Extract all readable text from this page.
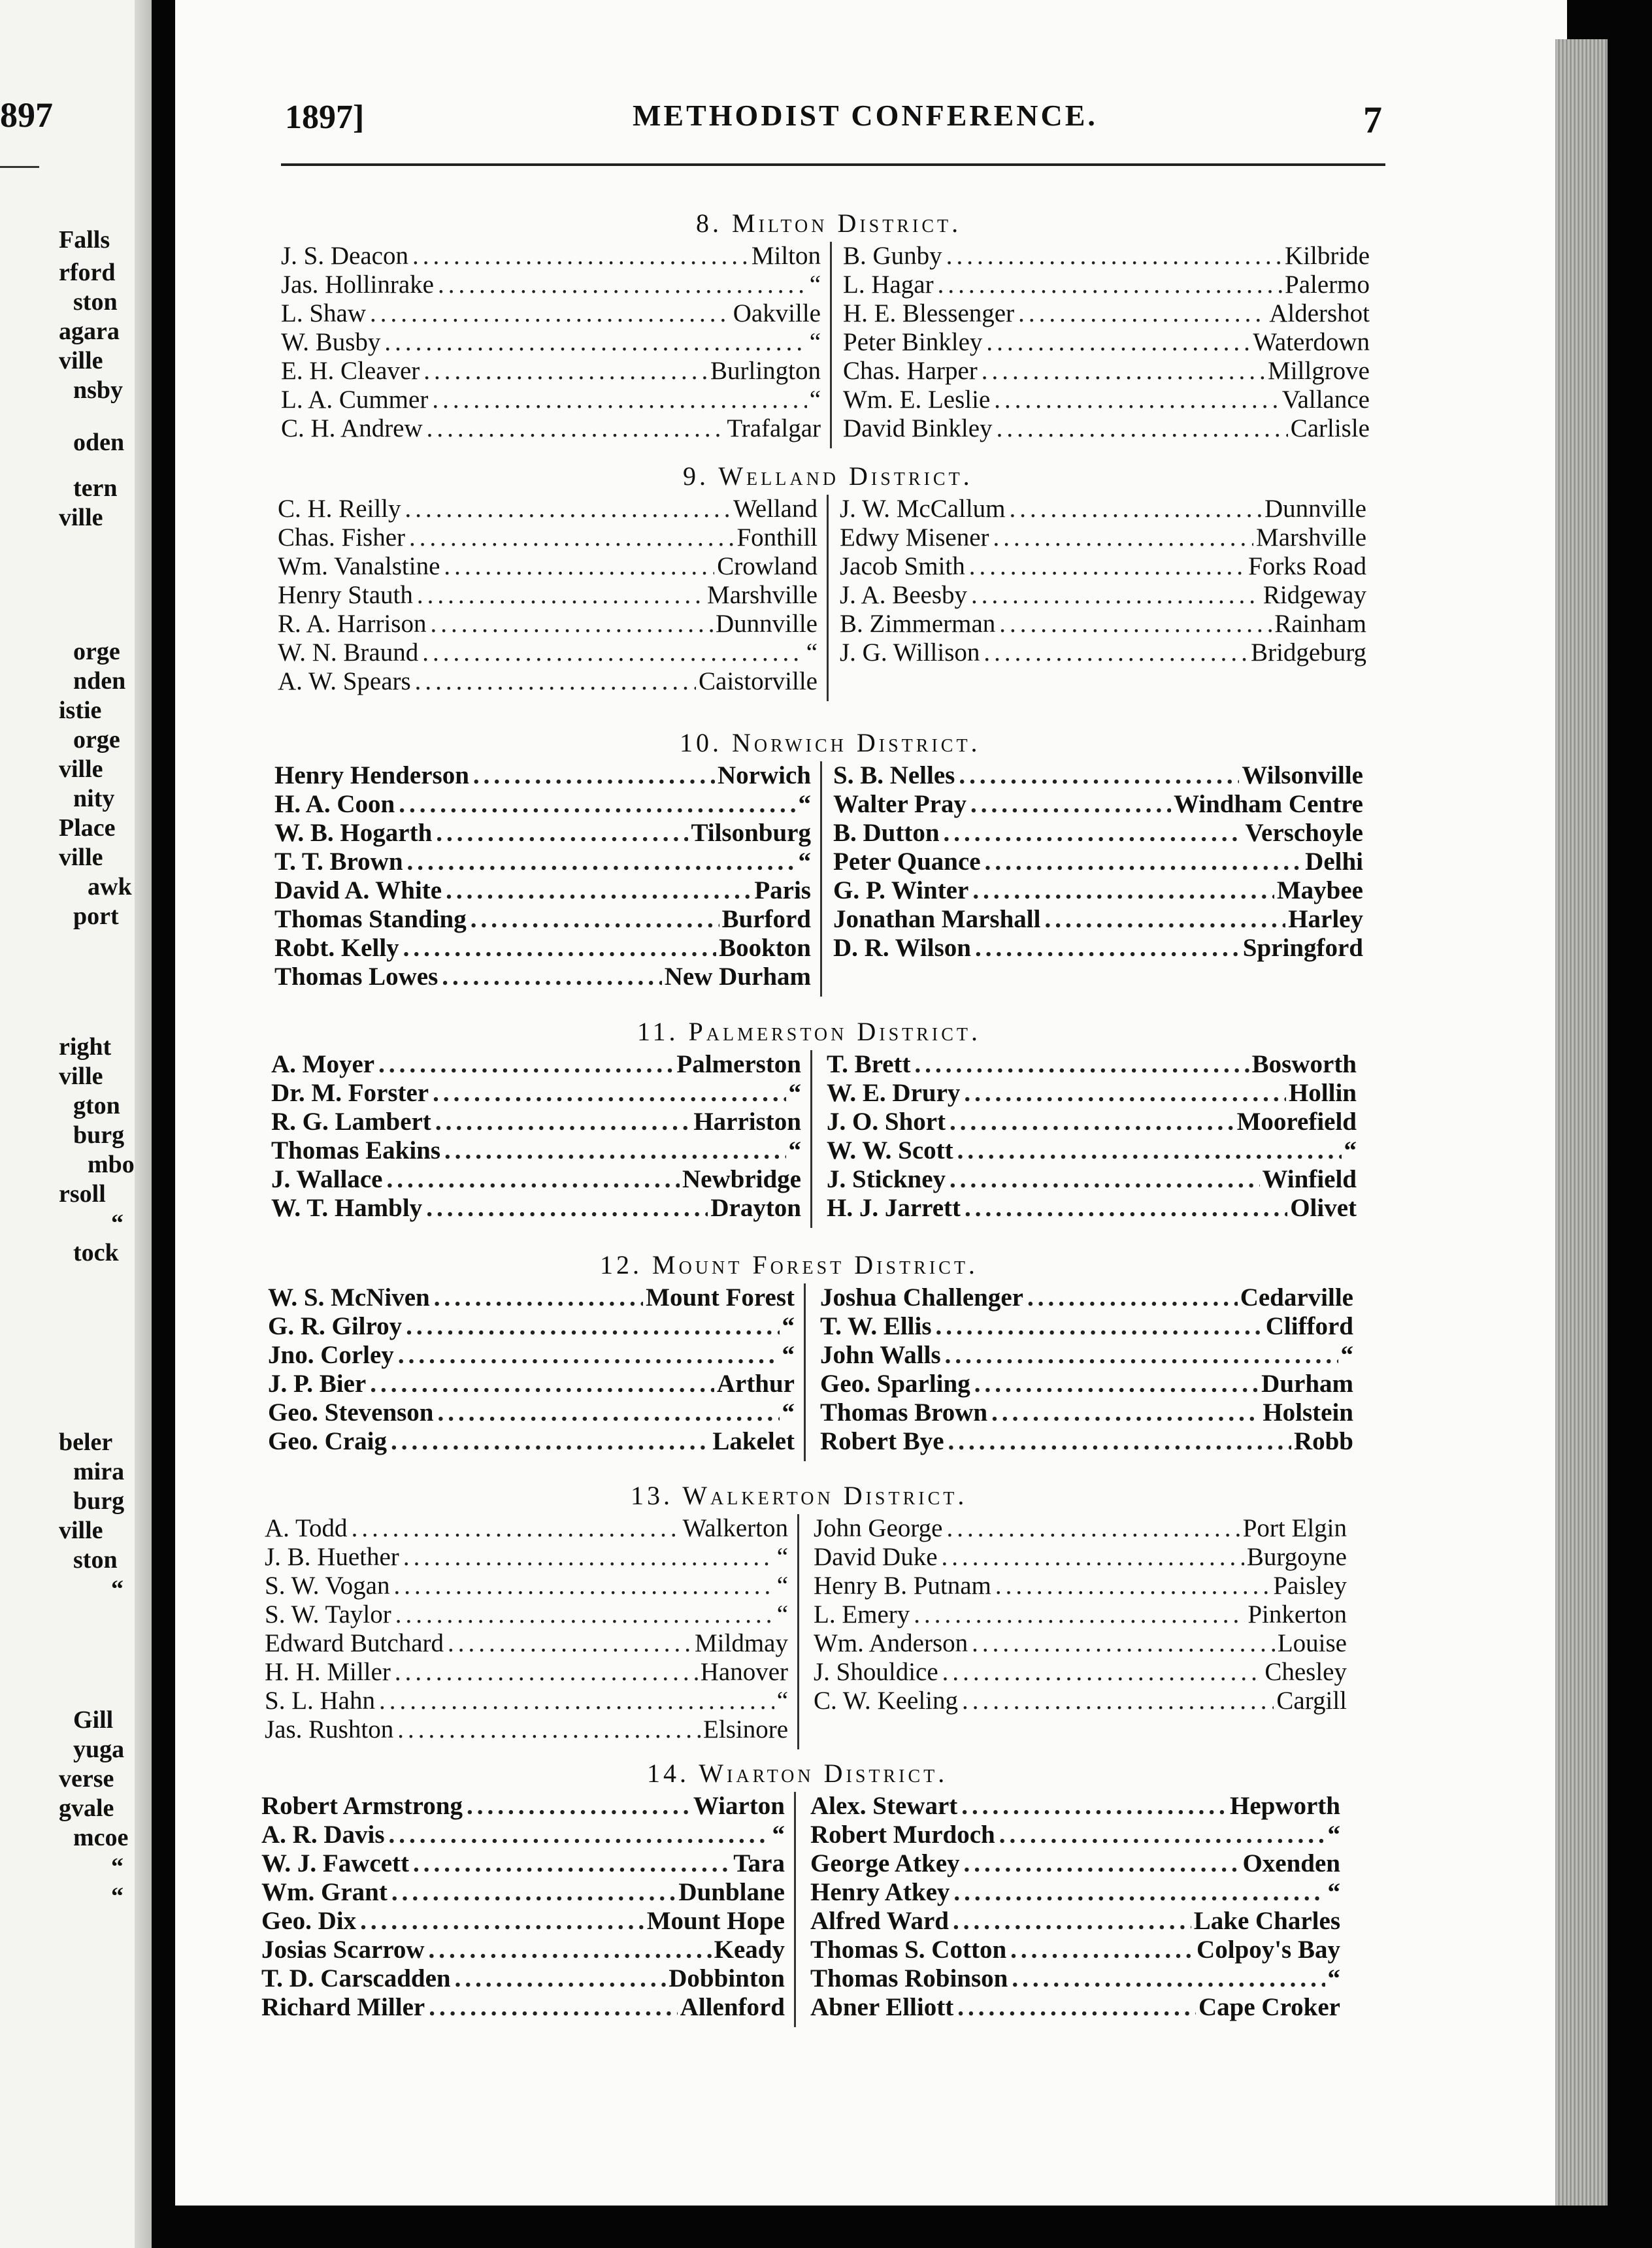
897
Falls
rford
ston
agara
ville
nsby
oden
tern
ville
orge
nden
istie
orge
ville
nity
Place
ville
awk
port
right
ville
gton
burg
mbo
rsoll
“
tock
beler
mira
burg
ville
ston
“
Gill
yuga
verse
gvale
mcoe
“
“
1897]	METHODIST CONFERENCE.	7
8. Milton District.
J. S. Deacon .....	Milton
Jas. Hollinrake .....	“
L. Shaw .....	Oakville
W. Busby .....	“
E. H. Cleaver .....	Burlington
L. A. Cummer .....	“
C. H. Andrew .....	Trafalgar
B. Gunby .....	Kilbride
L. Hagar .....	Palermo
H. E. Blessenger .....	Aldershot
Peter Binkley .....	Waterdown
Chas. Harper .....	Millgrove
Wm. E. Leslie .....	Vallance
David Binkley .....	Carlisle
9. Welland District.
C. H. Reilly .....	Welland
Chas. Fisher .....	Fonthill
Wm. Vanalstine .....	Crowland
Henry Stauth .....	Marshville
R. A. Harrison .....	Dunnville
W. N. Braund .....	“
A. W. Spears .....	Caistorville
J. W. McCallum .....	Dunnville
Edwy Misener .....	Marshville
Jacob Smith .....	Forks Road
J. A. Beesby .....	Ridgeway
B. Zimmerman .....	Rainham
J. G. Willison .....	Bridgeburg
10. Norwich District.
Henry Henderson .....	Norwich
H. A. Coon .....	“
W. B. Hogarth .....	Tilsonburg
T. T. Brown .....	“
David A. White .....	Paris
Thomas Standing .....	Burford
Robt. Kelly .....	Bookton
Thomas Lowes .....	New Durham
S. B. Nelles .....	Wilsonville
Walter Pray .....	Windham Centre
B. Dutton .....	Verschoyle
Peter Quance .....	Delhi
G. P. Winter .....	Maybee
Jonathan Marshall .....	Harley
D. R. Wilson .....	Springford
11. Palmerston District.
A. Moyer .....	Palmerston
Dr. M. Forster .....	“
R. G. Lambert .....	Harriston
Thomas Eakins .....	“
J. Wallace .....	Newbridge
W. T. Hambly .....	Drayton
T. Brett .....	Bosworth
W. E. Drury .....	Hollin
J. O. Short .....	Moorefield
W. W. Scott .....	“
J. Stickney .....	Winfield
H. J. Jarrett .....	Olivet
12. Mount Forest District.
W. S. McNiven .....	Mount Forest
G. R. Gilroy .....	“
Jno. Corley .....	“
J. P. Bier .....	Arthur
Geo. Stevenson .....	“
Geo. Craig .....	Lakelet
Joshua Challenger .....	Cedarville
T. W. Ellis .....	Clifford
John Walls .....	“
Geo. Sparling .....	Durham
Thomas Brown .....	Holstein
Robert Bye .....	Robb
13. Walkerton District.
A. Todd .....	Walkerton
J. B. Huether .....	“
S. W. Vogan .....	“
S. W. Taylor .....	“
Edward Butchard .....	Mildmay
H. H. Miller .....	Hanover
S. L. Hahn .....	“
Jas. Rushton .....	Elsinore
John George .....	Port Elgin
David Duke .....	Burgoyne
Henry B. Putnam .....	Paisley
L. Emery .....	Pinkerton
Wm. Anderson .....	Louise
J. Shouldice .....	Chesley
C. W. Keeling .....	Cargill
14. Wiarton District.
Robert Armstrong .....	Wiarton
A. R. Davis .....	“
W. J. Fawcett .....	Tara
Wm. Grant .....	Dunblane
Geo. Dix .....	Mount Hope
Josias Scarrow .....	Keady
T. D. Carscadden .....	Dobbinton
Richard Miller .....	Allenford
Alex. Stewart .....	Hepworth
Robert Murdoch .....	“
George Atkey .....	Oxenden
Henry Atkey .....	“
Alfred Ward .....	Lake Charles
Thomas S. Cotton .....	Colpoy's Bay
Thomas Robinson .....	“
Abner Elliott .....	Cape Croker
